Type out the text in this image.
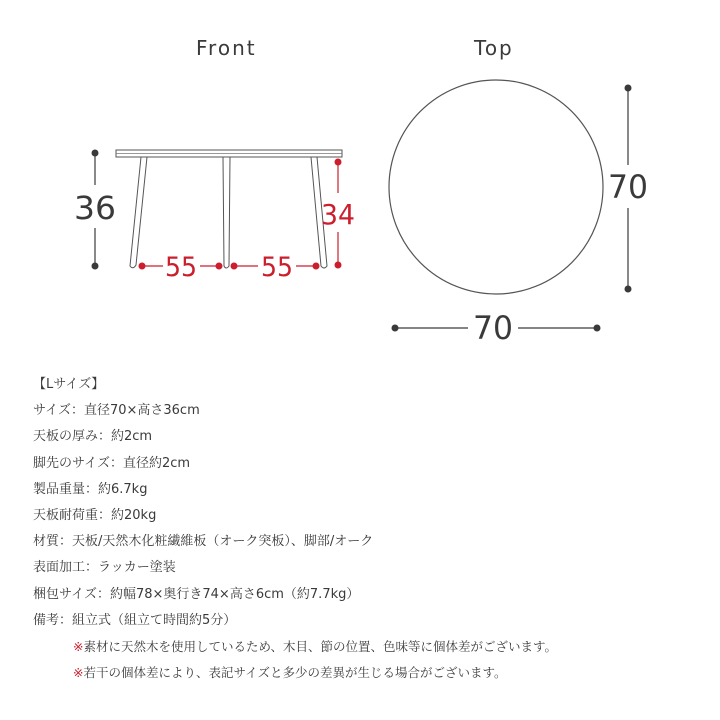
Front	Top
36	34
55 55
70
70
【Lサイズ】
サイズ：直径70×高さ36cm
天板の厚み：約2cm
脚先のサイズ：直径約2cm
製品重量：約6.7kg
天板耐荷重：約20kg
材質：天板/天然木化粧繊維板（オーク突板）、脚部/オーク
表面加工：ラッカー塗装
梱包サイズ：約幅78×奥行き74×高さ6cm（約7.7kg）
備考：組立式（組立て時間約5分）
※素材に天然木を使用しているため、木目、節の位置、色味等に個体差がございます。
※若干の個体差により、表記サイズと多少の差異が生じる場合がございます。
